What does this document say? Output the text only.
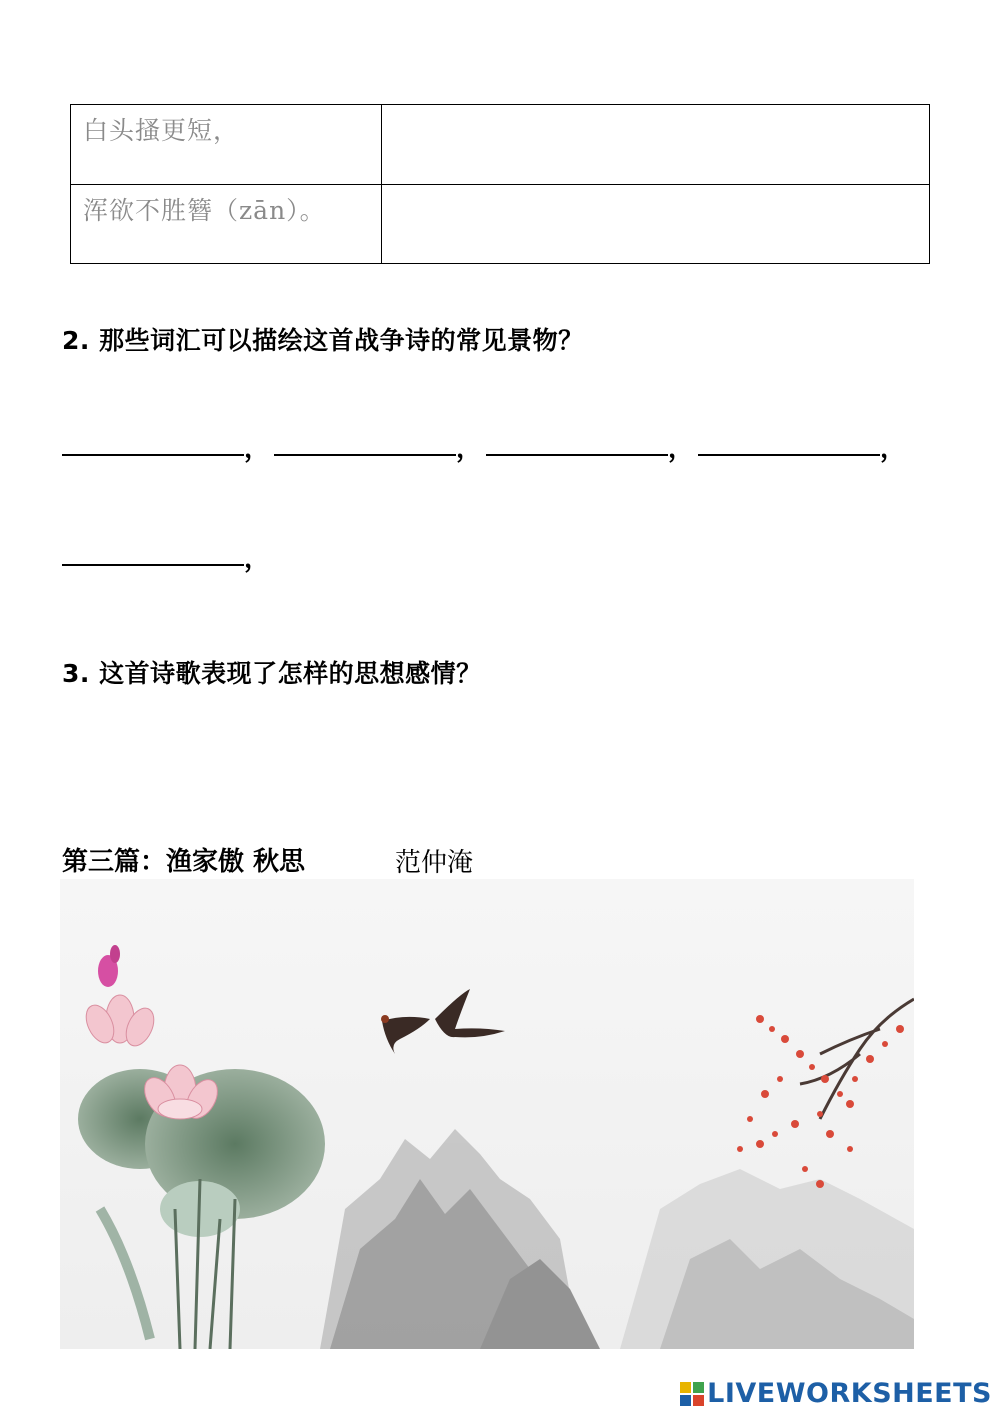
白头搔更短，	
浑欲不胜簪（zān）。	
2. 那些词汇可以描绘这首战争诗的常见景物？
，	，	，	，
，
3. 这首诗歌表现了怎样的思想感情？
第三篇：渔家傲 秋思	范仲淹
LIVEWORKSHEETS
